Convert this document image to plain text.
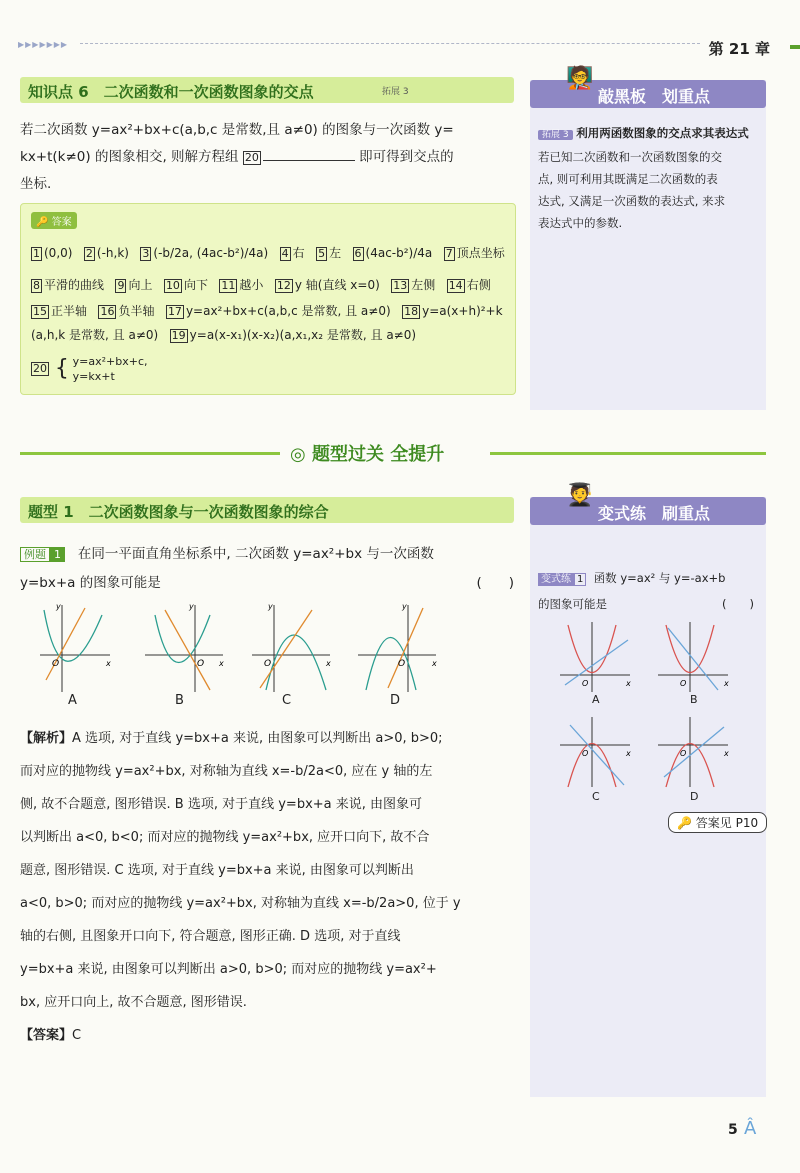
▶▶▶▶▶▶▶	第 21 章
知识点 6　二次函数和一次函数图象的交点	拓展 3
若二次函数 y=ax²+bx+c(a,b,c 是常数,且 a≠0) 的图象与一次函数 y=
kx+t(k≠0) 的图象相交, 则解方程组 20	即可得到交点的
坐标.
🔑 答案
1 (0,0) 2 (-h,k) 3 (-b/2a, (4ac-b²)/4a) 4 右 5 左 6 (4ac-b²)/4a 7 顶点坐标
8 平滑的曲线 9 向上 10 向下 11 越小 12 y 轴(直线 x=0) 13 左侧 14 右侧
15 正半轴 16 负半轴 17 y=ax²+bx+c(a,b,c 是常数, 且 a≠0) 18 y=a(x+h)²+k
(a,h,k 是常数, 且 a≠0) 19 y=a(x-x₁)(x-x₂)(a,x₁,x₂ 是常数, 且 a≠0)
20 { y=ax²+bx+c,
y=kx+t
🧑‍🏫
敲黑板　划重点
拓展 3 利用两函数图象的交点求其表达式
若已知二次函数和一次函数图象的交
点, 则可利用其既满足二次函数的表
达式, 又满足一次函数的表达式, 来求
表达式中的参数.
◎ 题型过关 全提升
题型 1　二次函数图象与一次函数图象的综合
例题 1 在同一平面直角坐标系中, 二次函数 y=ax²+bx 与一次函数
y=bx+a 的图象可能是	(　　)
O	x
y
O x
y
O	x
y
O	x
y
A	B	C	D
【解析】A 选项, 对于直线 y=bx+a 来说, 由图象可以判断出 a>0, b>0;
而对应的抛物线 y=ax²+bx, 对称轴为直线 x=-b/2a<0, 应在 y 轴的左
侧, 故不合题意, 图形错误. B 选项, 对于直线 y=bx+a 来说, 由图象可
以判断出 a<0, b<0; 而对应的抛物线 y=ax²+bx, 应开口向下, 故不合
题意, 图形错误. C 选项, 对于直线 y=bx+a 来说, 由图象可以判断出
a<0, b>0; 而对应的抛物线 y=ax²+bx, 对称轴为直线 x=-b/2a>0, 位于 y
轴的右侧, 且图象开口向下, 符合题意, 图形正确. D 选项, 对于直线
y=bx+a 来说, 由图象可以判断出 a>0, b>0; 而对应的抛物线 y=ax²+
bx, 应开口向上, 故不合题意, 图形错误.
【答案】C
🧑‍🎓
变式练　刷重点
变式练 1 函数 y=ax² 与 y=-ax+b
的图象可能是	(　　)
O	x	O	x
O	x	O	x
A	B
C	D
🔑 答案见 P10
5 Â
